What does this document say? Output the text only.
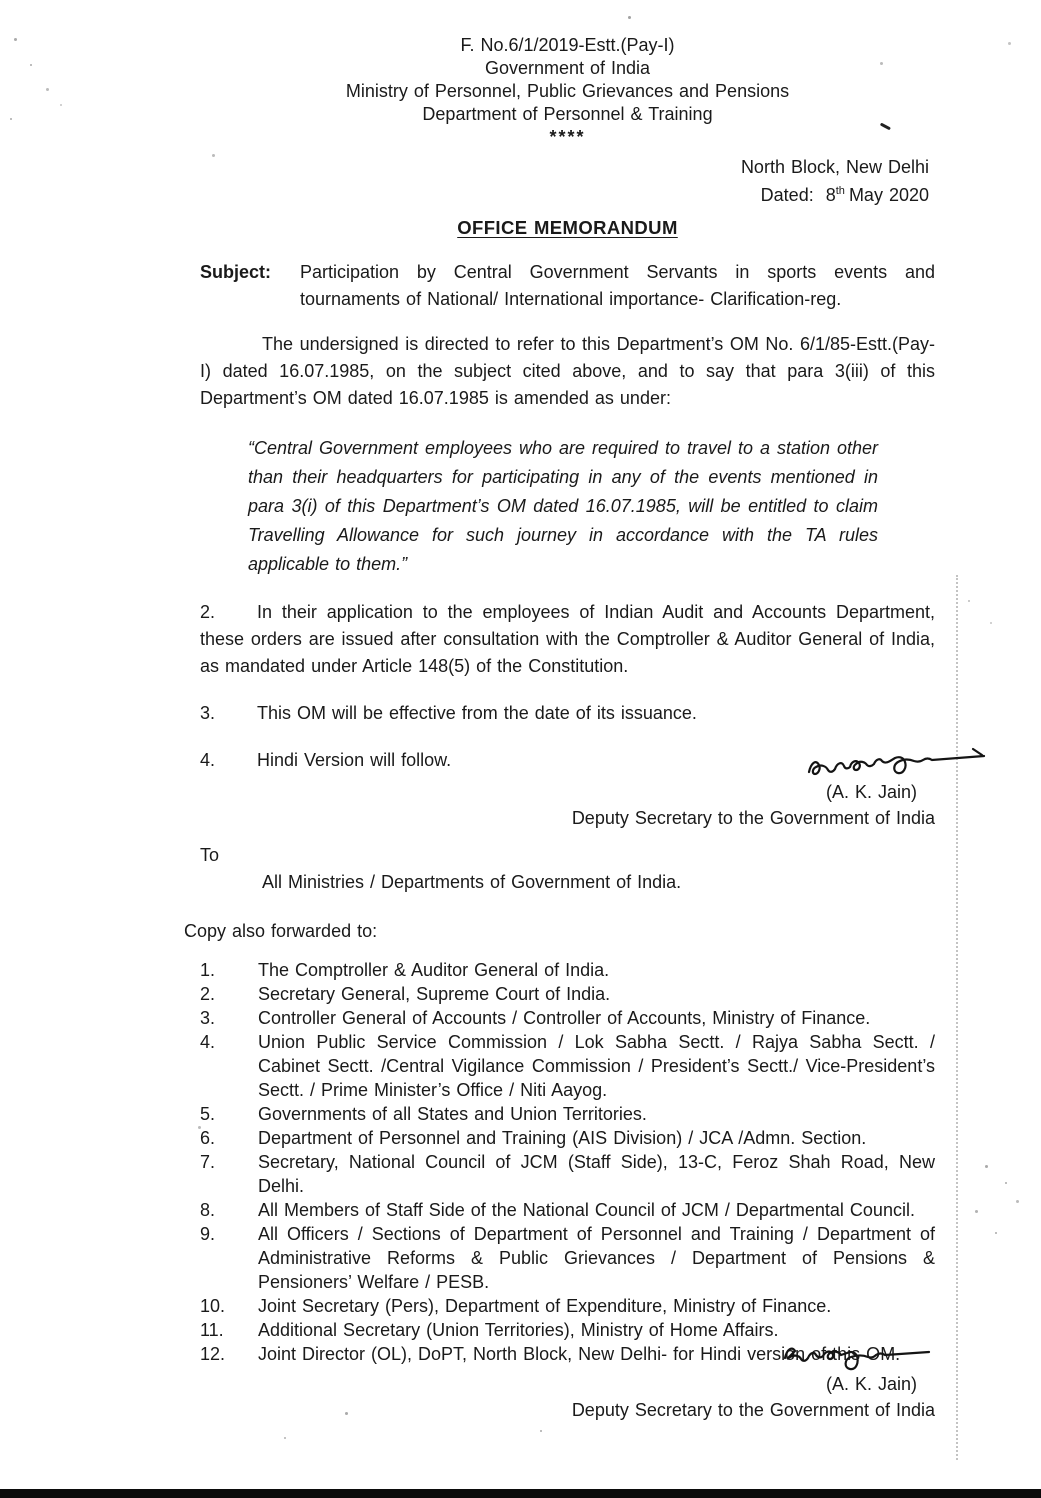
F. No.6/1/2019-Estt.(Pay-I)
Government of India
Ministry of Personnel, Public Grievances and Pensions
Department of Personnel & Training
****
North Block, New Delhi
Dated: 8th May 2020
OFFICE MEMORANDUM
Subject:	Participation by Central Government Servants in sports events and tournaments of National/ International importance- Clarification-reg.

The undersigned is directed to refer to this Department’s OM No. 6/1/85-Estt.(Pay-I) dated 16.07.1985, on the subject cited above, and to say that para 3(iii) of this Department’s OM dated 16.07.1985 is amended as under:

“Central Government employees who are required to travel to a station other than their headquarters for participating in any of the events mentioned in para 3(i) of this Department’s OM dated 16.07.1985, will be entitled to claim Travelling Allowance for such journey in accordance with the TA rules applicable to them.”

2. In their application to the employees of Indian Audit and Accounts Department, these orders are issued after consultation with the Comptroller & Auditor General of India, as mandated under Article 148(5) of the Constitution.

3. This OM will be effective from the date of its issuance.

4. Hindi Version will follow.

(A. K. Jain)
Deputy Secretary to the Government of India
To
All Ministries / Departments of Government of India.
Copy also forwarded to:
1.	The Comptroller & Auditor General of India.
2.	Secretary General, Supreme Court of India.
3.	Controller General of Accounts / Controller of Accounts, Ministry of Finance.
4.	Union Public Service Commission / Lok Sabha Sectt. / Rajya Sabha Sectt. / Cabinet Sectt. /Central Vigilance Commission / President’s Sectt./ Vice-President’s Sectt. / Prime Minister’s Office / Niti Aayog.
5.	Governments of all States and Union Territories.
6.	Department of Personnel and Training (AIS Division) / JCA /Admn. Section.
7.	Secretary, National Council of JCM (Staff Side), 13-C, Feroz Shah Road, New Delhi.
8.	All Members of Staff Side of the National Council of JCM / Departmental Council.
9.	All Officers / Sections of Department of Personnel and Training / Department of Administrative Reforms & Public Grievances / Department of Pensions & Pensioners’ Welfare / PESB.
10.	Joint Secretary (Pers), Department of Expenditure, Ministry of Finance.
11.	Additional Secretary (Union Territories), Ministry of Home Affairs.
12.	Joint Director (OL), DoPT, North Block, New Delhi- for Hindi version of this OM.
(A. K. Jain)
Deputy Secretary to the Government of India
